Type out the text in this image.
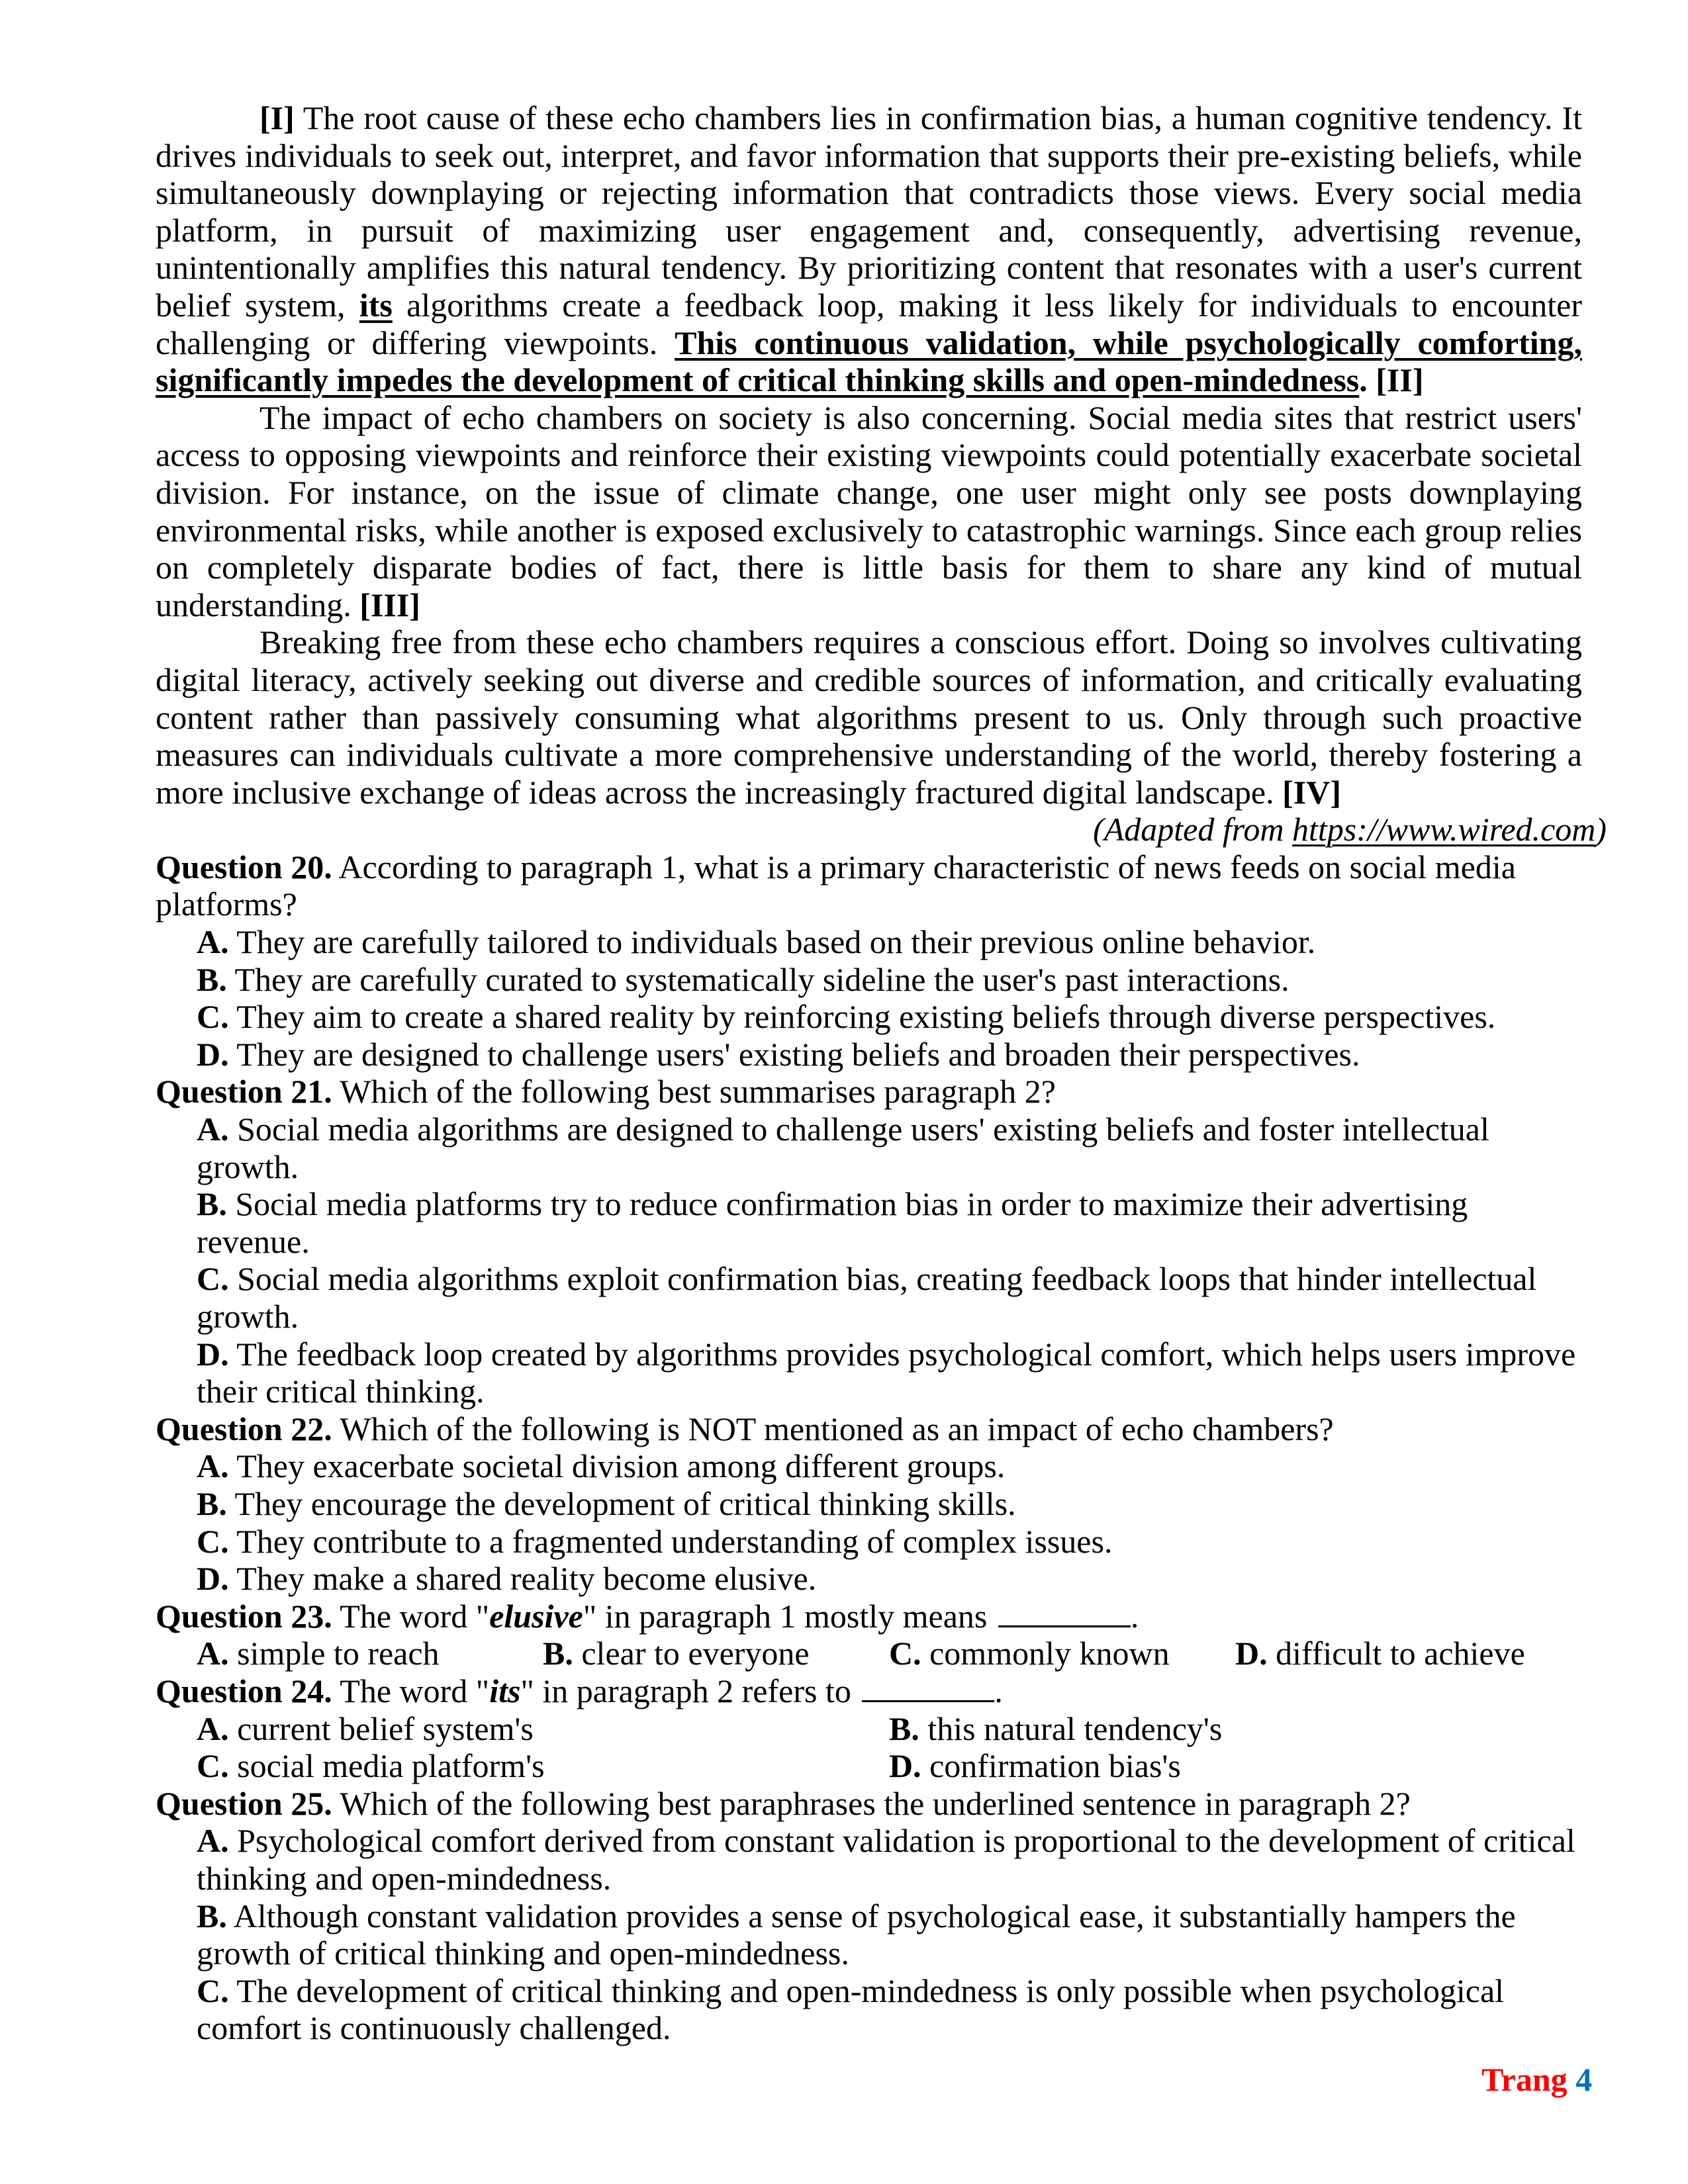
[I] The root cause of these echo chambers lies in confirmation bias, a human cognitive tendency. It drives individuals to seek out, interpret, and favor information that supports their pre-existing beliefs, while simultaneously downplaying or rejecting information that contradicts those views. Every social media platform, in pursuit of maximizing user engagement and, consequently, advertising revenue, unintentionally amplifies this natural tendency. By prioritizing content that resonates with a user's current belief system, its algorithms create a feedback loop, making it less likely for individuals to encounter challenging or differing viewpoints. This continuous validation, while psychologically comforting, significantly impedes the development of critical thinking skills and open-mindedness. [II]

The impact of echo chambers on society is also concerning. Social media sites that restrict users' access to opposing viewpoints and reinforce their existing viewpoints could potentially exacerbate societal division. For instance, on the issue of climate change, one user might only see posts downplaying environmental risks, while another is exposed exclusively to catastrophic warnings. Since each group relies on completely disparate bodies of fact, there is little basis for them to share any kind of mutual understanding. [III]

Breaking free from these echo chambers requires a conscious effort. Doing so involves cultivating digital literacy, actively seeking out diverse and credible sources of information, and critically evaluating content rather than passively consuming what algorithms present to us. Only through such proactive measures can individuals cultivate a more comprehensive understanding of the world, thereby fostering a more inclusive exchange of ideas across the increasingly fractured digital landscape. [IV]

(Adapted from https://www.wired.com)

Question 20. According to paragraph 1, what is a primary characteristic of news feeds on social media platforms?

A. They are carefully tailored to individuals based on their previous online behavior.

B. They are carefully curated to systematically sideline the user's past interactions.

C. They aim to create a shared reality by reinforcing existing beliefs through diverse perspectives.

D. They are designed to challenge users' existing beliefs and broaden their perspectives.

Question 21. Which of the following best summarises paragraph 2?

A. Social media algorithms are designed to challenge users' existing beliefs and foster intellectual growth.

B. Social media platforms try to reduce confirmation bias in order to maximize their advertising revenue.

C. Social media algorithms exploit confirmation bias, creating feedback loops that hinder intellectual growth.

D. The feedback loop created by algorithms provides psychological comfort, which helps users improve their critical thinking.

Question 22. Which of the following is NOT mentioned as an impact of echo chambers?

A. They exacerbate societal division among different groups.

B. They encourage the development of critical thinking skills.

C. They contribute to a fragmented understanding of complex issues.

D. They make a shared reality become elusive.

Question 23. The word "elusive" in paragraph 1 mostly means	.

A. simple to reach	B. clear to everyone	C. commonly known	D. difficult to achieve

Question 24. The word "its" in paragraph 2 refers to	.

A. current belief system's	B. this natural tendency's
C. social media platform's	D. confirmation bias's

Question 25. Which of the following best paraphrases the underlined sentence in paragraph 2?

A. Psychological comfort derived from constant validation is proportional to the development of critical thinking and open-mindedness.

B. Although constant validation provides a sense of psychological ease, it substantially hampers the growth of critical thinking and open-mindedness.

C. The development of critical thinking and open-mindedness is only possible when psychological comfort is continuously challenged.

Trang 4
